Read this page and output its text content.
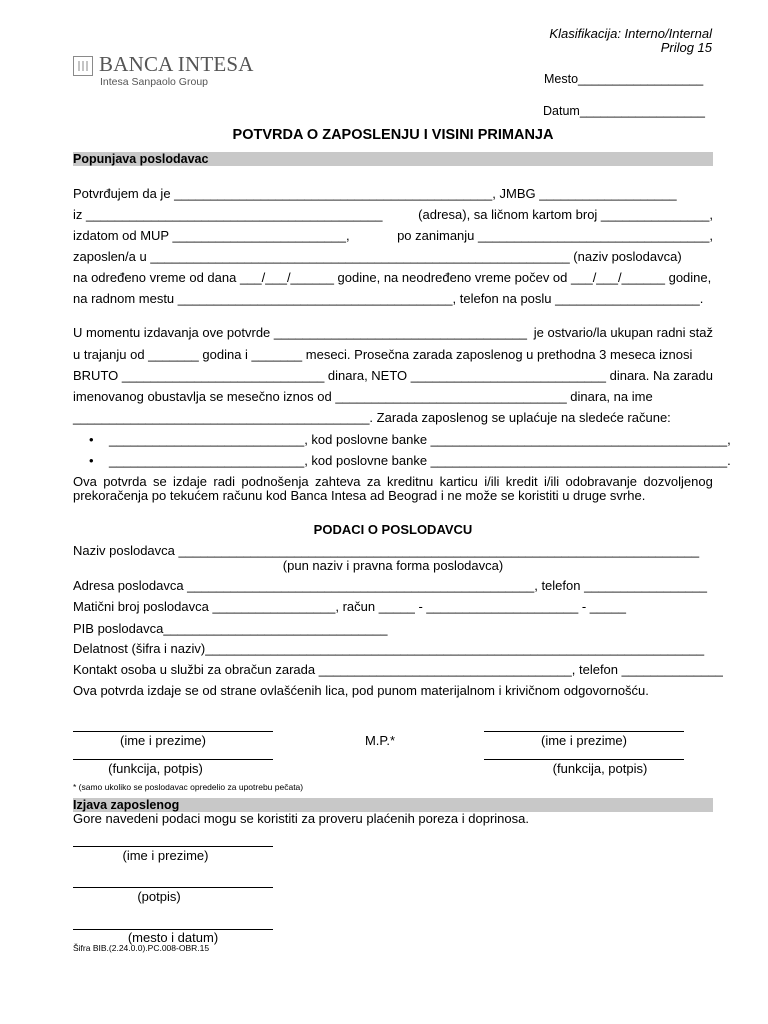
Klasifikacija: Interno/Internal
Prilog 15
Mesto__________________
Datum__________________
BANCA INTESA
Intesa Sanpaolo Group
POTVRDA O ZAPOSLENJU I VISINI PRIMANJA
Popunjava poslodavac
Potvrđujem da je ____________________________________________, JMBG ___________________
iz _________________________________________	(adresa), sa ličnom kartom broj _______________,
izdatom od MUP ________________________,	po zanimanju ________________________________,
zaposlen/a u __________________________________________________________ (naziv poslodavca)
na određeno vreme od dana ___/___/______ godine, na neodređeno vreme počev od ___/___/______ godine,
na radnom mestu ______________________________________, telefon na poslu ____________________.
U momentu izdavanja ove potvrde ___________________________________ je ostvario/la ukupan radni staž
u trajanju od _______ godina i _______ meseci. Prosečna zarada zaposlenog u prethodna 3 meseca iznosi
BRUTO ____________________________ dinara, NETO ___________________________ dinara. Na zaradu
imenovanog obustavlja se mesečno iznos od ________________________________ dinara, na ime
_________________________________________. Zarada zaposlenog se uplaćuje na sledeće račune:
• ___________________________, kod poslovne banke _________________________________________,
• ___________________________, kod poslovne banke _________________________________________.
Ova potvrda se izdaje radi podnošenja zahteva za kreditnu karticu i/ili kredit i/ili odobravanje dozvoljenog
prekoračenja po tekućem računu kod Banca Intesa ad Beograd i ne može se koristiti u druge svrhe.
PODACI O POSLODAVCU
Naziv poslodavca ________________________________________________________________________
(pun naziv i pravna forma poslodavca)
Adresa poslodavca ________________________________________________, telefon _________________
Matični broj poslodavca _________________, račun _____ - _____________________ - _____
PIB poslodavca_______________________________
Delatnost (šifra i naziv)_____________________________________________________________________
Kontakt osoba u službi za obračun zarada ___________________________________, telefon ______________
Ova potvrda izdaje se od strane ovlašćenih lica, pod punom materijalnom i krivičnom odgovornošću.
(ime i prezime)	M.P.*	(ime i prezime)
(funkcija, potpis)	(funkcija, potpis)
* (samo ukoliko se poslodavac opredelio za upotrebu pečata)
Izjava zaposlenog
Gore navedeni podaci mogu se koristiti za proveru plaćenih poreza i doprinosa.
(ime i prezime)
(potpis)
(mesto i datum)
Šifra BIB.(2.24.0.0).PC.008-OBR.15
